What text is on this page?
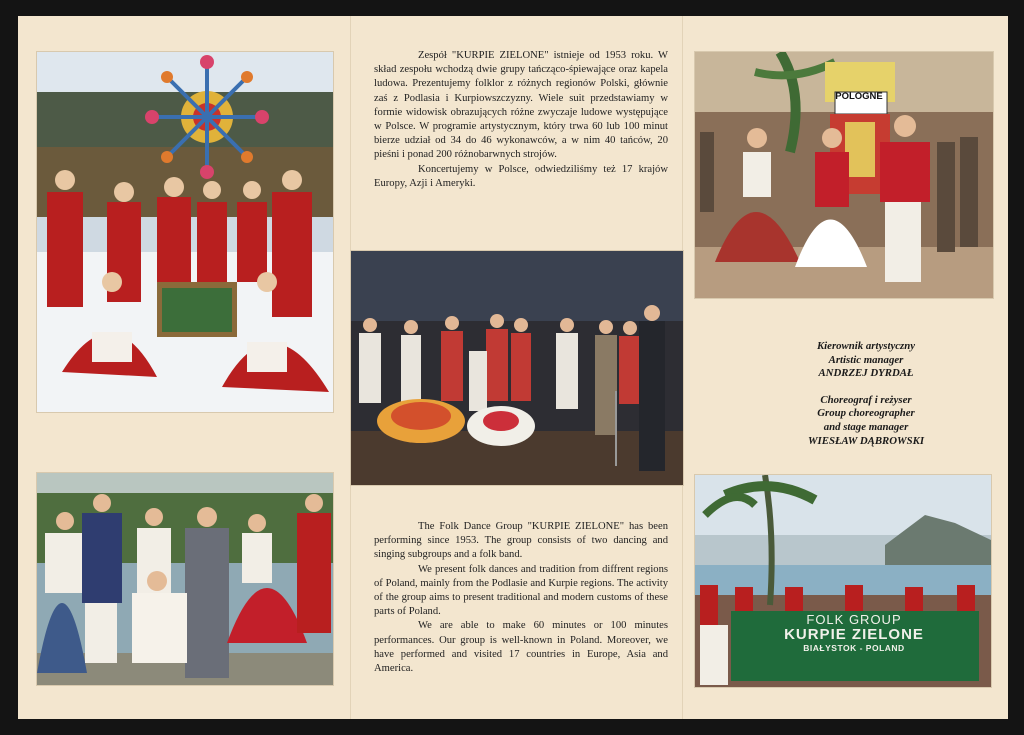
POLOGNE
FOLK GROUP
KURPIE ZIELONE
BIAŁYSTOK - POLAND

Zespół "KURPIE ZIELONE" istnieje od 1953 roku. W skład zespołu wchodzą dwie grupy tańcząco-śpiewające oraz kapela ludowa. Prezentujemy folklor z różnych regionów Polski, głównie zaś z Podlasia i Kurpiowszczyzny. Wiele suit przedstawiamy w formie widowisk obrazujących różne zwyczaje ludowe występujące w Polsce. W programie artystycznym, który trwa 60 lub 100 minut bierze udział od 34 do 46 wykonawców, a w nim 40 tańców, 20 pieśni i ponad 200 różnobarwnych strojów.

Koncertujemy w Polsce, odwiedziliśmy też 17 krajów Europy, Azji i Ameryki.

The Folk Dance Group "KURPIE ZIELONE" has been performing since 1953. The group consists of two dancing and singing subgroups and a folk band.

We present folk dances and tradition from diffrent regions of Poland, mainly from the Podlasie and Kurpie regions. The activity of the group aims to present traditional and modern customs of these parts of Poland.

We are able to make 60 minutes or 100 minutes performances. Our group is well-known in Poland. Moreover, we have performed and visited 17 countries in Europe, Asia and America.

Kierownik artystyczny
Artistic manager
ANDRZEJ DYRDAŁ
Choreograf i reżyser
Group choreographer
and stage manager
WIESŁAW DĄBROWSKI
